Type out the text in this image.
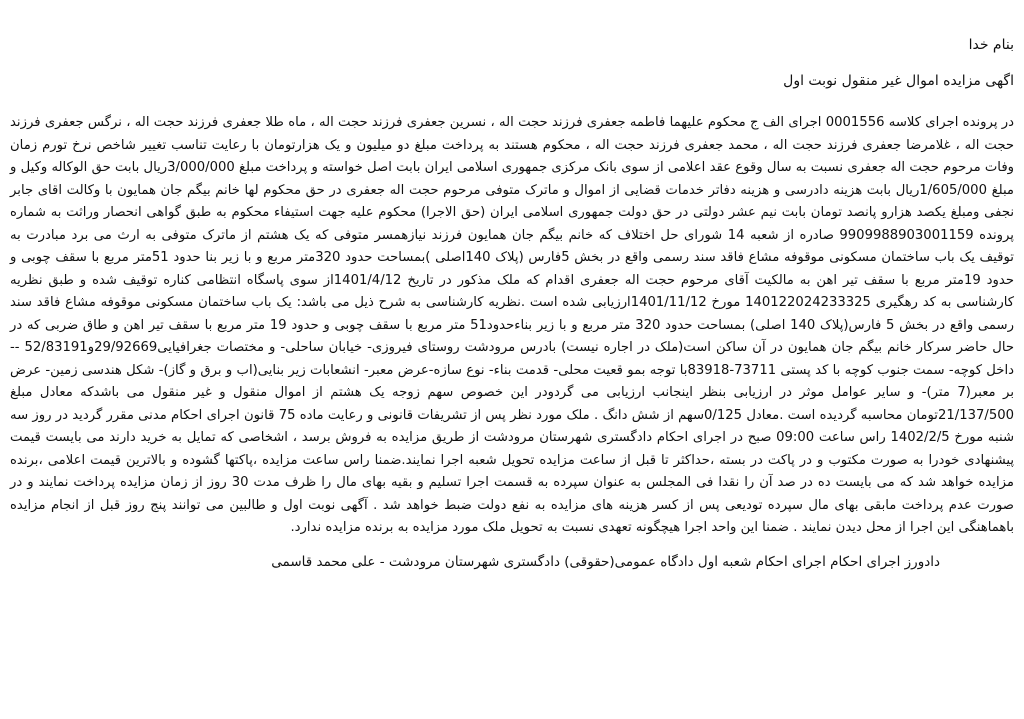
بنام خدا

اگهی مزایده اموال غیر منقول نوبت اول

در پرونده اجرای کلاسه 0001556 اجرای الف ج محکوم علیهما فاطمه جعفری فرزند حجت اله ، نسرین جعفری فرزند حجت اله ، ماه طلا جعفری فرزند حجت اله ، نرگس جعفری فرزند حجت اله ، غلامرضا جعفری فرزند حجت اله ، محمد جعفری فرزند حجت اله ، محکوم هستند به پرداخت مبلغ دو میلیون و یک هزارتومان با رعایت تناسب تغییر شاخص نرخ تورم زمان وفات مرحوم حجت اله جعفری نسبت به سال وقوع عقد اعلامی از سوی بانک مرکزی جمهوری اسلامی ایران بابت اصل خواسته و پرداخت مبلغ 3/000/000ریال بابت حق الوکاله وکیل و مبلغ 1/605/000ریال بابت هزینه دادرسی و هزینه دفاتر خدمات قضایی از اموال و ماترک متوفی مرحوم حجت اله جعفری در حق محکوم لها خانم بیگم جان همایون با وکالت اقای جابر نجفی ومبلغ یکصد هزارو پانصد تومان بابت نیم عشر دولتی در حق دولت جمهوری اسلامی ایران (حق الاجرا) محکوم علیه جهت استیفاء محکوم به طبق گواهی انحصار وراثت به شماره پرونده 9909988903001159 صادره از شعبه 14 شورای حل اختلاف که خانم بیگم جان همایون فرزند نیازهمسر متوفی که یک هشتم از ماترک متوفی به ارث می برد مبادرت به توقیف یک باب ساختمان مسکونی موقوفه مشاع فاقد سند رسمی واقع در بخش 5فارس (پلاک 140اصلی )بمساحت حدود 320متر مربع و با زیر بنا حدود 51متر مربع با سقف چوبی و حدود 19متر مربع با سقف تیر اهن به مالکیت آقای مرحوم حجت اله جعفری اقدام که ملک مذکور در تاریخ 1401/4/12از سوی پاسگاه انتظامی کناره توقیف شده و طبق نظریه کارشناسی به کد رهگیری 140122024233325 مورخ 1401/11/12ارزیابی شده است .نظریه کارشناسی به شرح ذیل می باشد: یک باب ساختمان مسکونی موقوفه مشاع فاقد سند رسمی واقع در بخش 5 فارس(پلاک 140 اصلی) بمساحت حدود 320 متر مربع و با زیر بناءحدود51 متر مربع با سقف چوبی و حدود 19 متر مربع با سقف تیر اهن و طاق ضربی که در حال حاضر سرکار خانم بیگم جان همایون در آن ساکن است(ملک در اجاره نیست) بادرس مرودشت روستای فیروزی- خیابان ساحلی- و مختصات جغرافیایی29/92669و52/83191 -- داخل کوچه- سمت جنوب کوچه با کد پستی 73711-83918با توجه بمو قعیت محلی- قدمت بناء- نوع سازه-عرض معبر- انشعابات زیر بنایی(اب و برق و گاز)- شکل هندسی زمین- عرض بر معبر(7 متر)- و سایر عوامل موثر در ارزیابی بنظر اینجانب ارزیابی می گردودر این خصوص سهم زوجه یک هشتم از اموال منقول و غیر منقول می باشدکه معادل مبلغ 21/137/500تومان محاسبه گردیده است .معادل 0/125سهم از شش دانگ . ملک مورد نظر پس از تشریفات قانونی و رعایت ماده 75 قانون اجرای احکام مدنی مقرر گردید در روز سه شنبه مورخ 1402/2/5 راس ساعت 09:00 صبح در اجرای احکام دادگستری شهرستان مرودشت از طریق مزایده به فروش برسد ، اشخاصی که تمایل به خرید دارند می بایست قیمت پیشنهادی خودرا به صورت مکتوب و در پاکت در بسته ،حداکثر تا قبل از ساعت مزایده تحویل شعبه اجرا نمایند.ضمنا راس ساعت مزایده ،پاکتها گشوده و بالاترین قیمت اعلامی ،برنده مزایده خواهد شد که می بایست ده در صد آن را نقدا فی المجلس به عنوان سپرده به قسمت اجرا تسلیم و بقیه بهای مال را ظرف مدت 30 روز از زمان مزایده پرداخت نمایند و در صورت عدم پرداخت مابقی بهای مال سپرده تودیعی پس از کسر هزینه های مزایده به نفع دولت ضبط خواهد شد . آگهی نوبت اول و طالبین می توانند پنج روز قبل از انجام مزایده باهماهنگی این اجرا از محل دیدن نمایند . ضمنا این واحد اجرا هیچگونه تعهدی نسبت به تحویل ملک مورد مزایده به برنده مزایده ندارد.

دادورز اجرای احکام اجرای احکام شعبه اول دادگاه عمومی(حقوقی) دادگستری شهرستان مرودشت - علی محمد قاسمی
